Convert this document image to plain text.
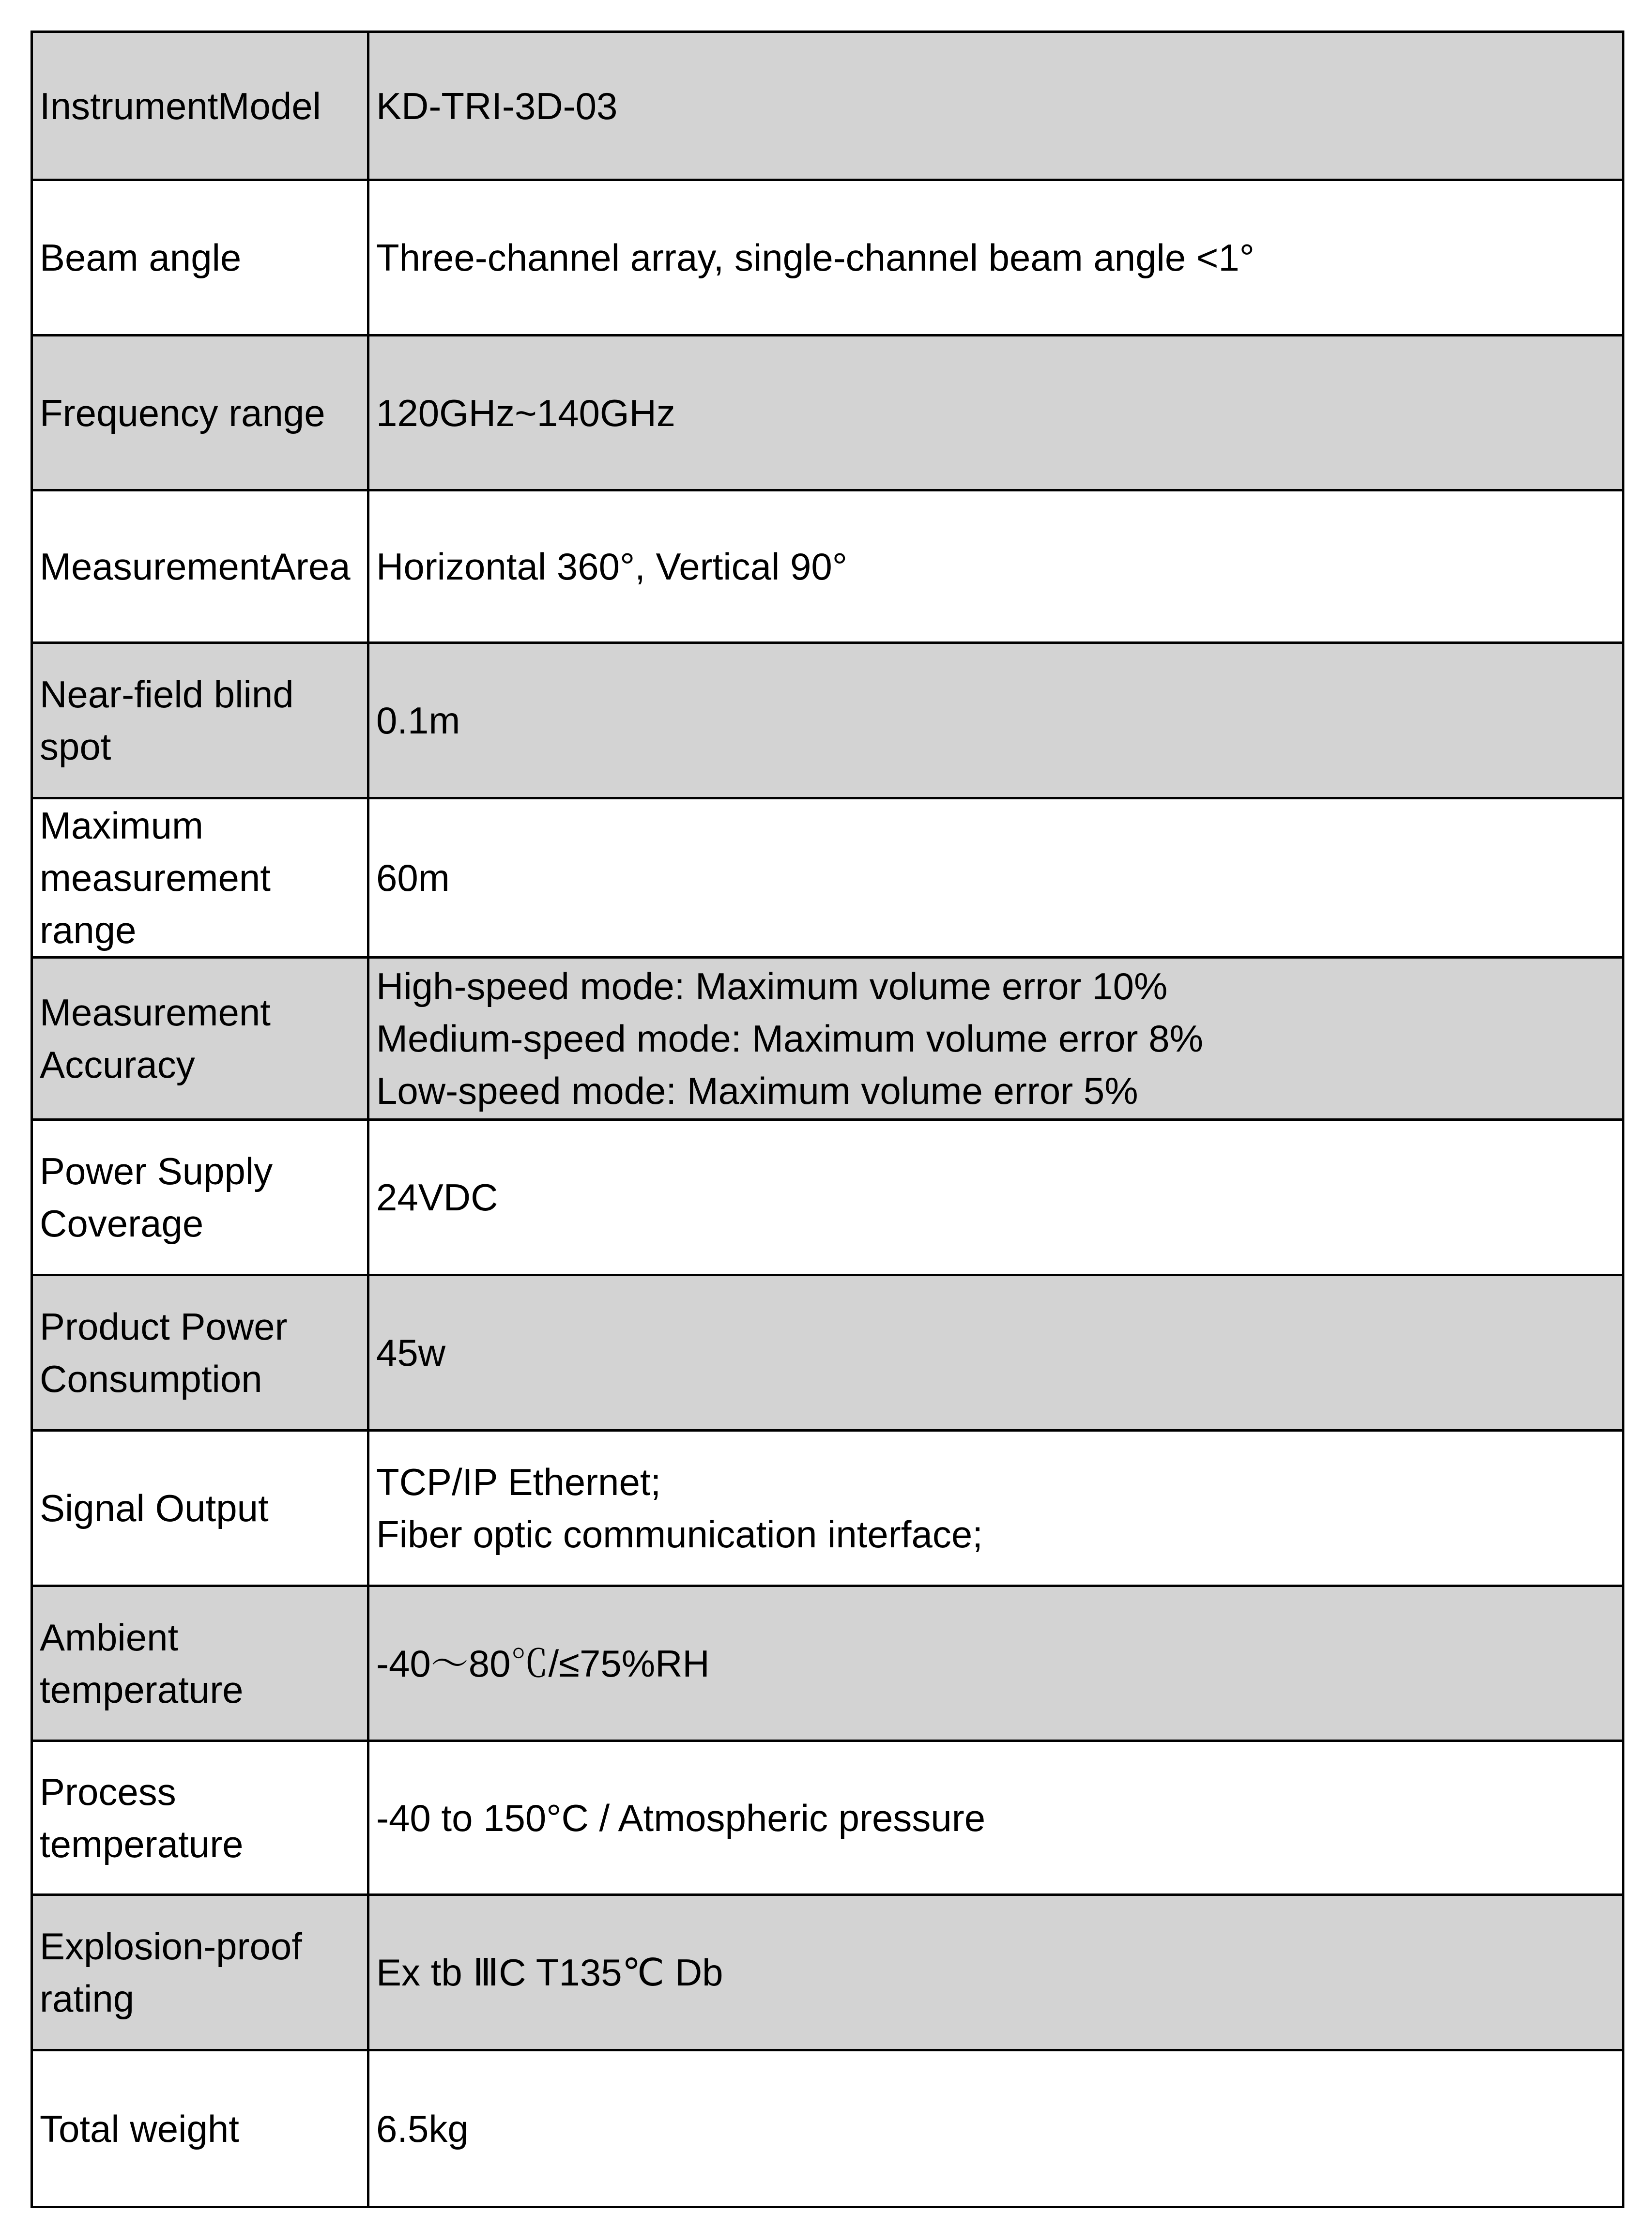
InstrumentModel	KD-TRI-3D-03

Beam angle	Three-channel array, single-channel beam angle <1°

Frequency range	120GHz~140GHz

MeasurementArea	Horizontal 360°, Vertical 90°

Near-field blind spot	0.1m

Maximum measurement range	60m

Measurement Accuracy	High-speed mode: Maximum volume error 10%
Medium-speed mode: Maximum volume error 8%
Low-speed mode: Maximum volume error 5%

Power Supply Coverage	24VDC

Product Power Consumption	45w

Signal Output	TCP/IP Ethernet;
Fiber optic communication interface;

Ambient temperature	-40～80℃/≤75%RH

Process temperature	-40 to 150°C / Atmospheric pressure

Explosion-proof rating	Ex tb ⅢC T135℃ Db

Total weight	6.5kg
